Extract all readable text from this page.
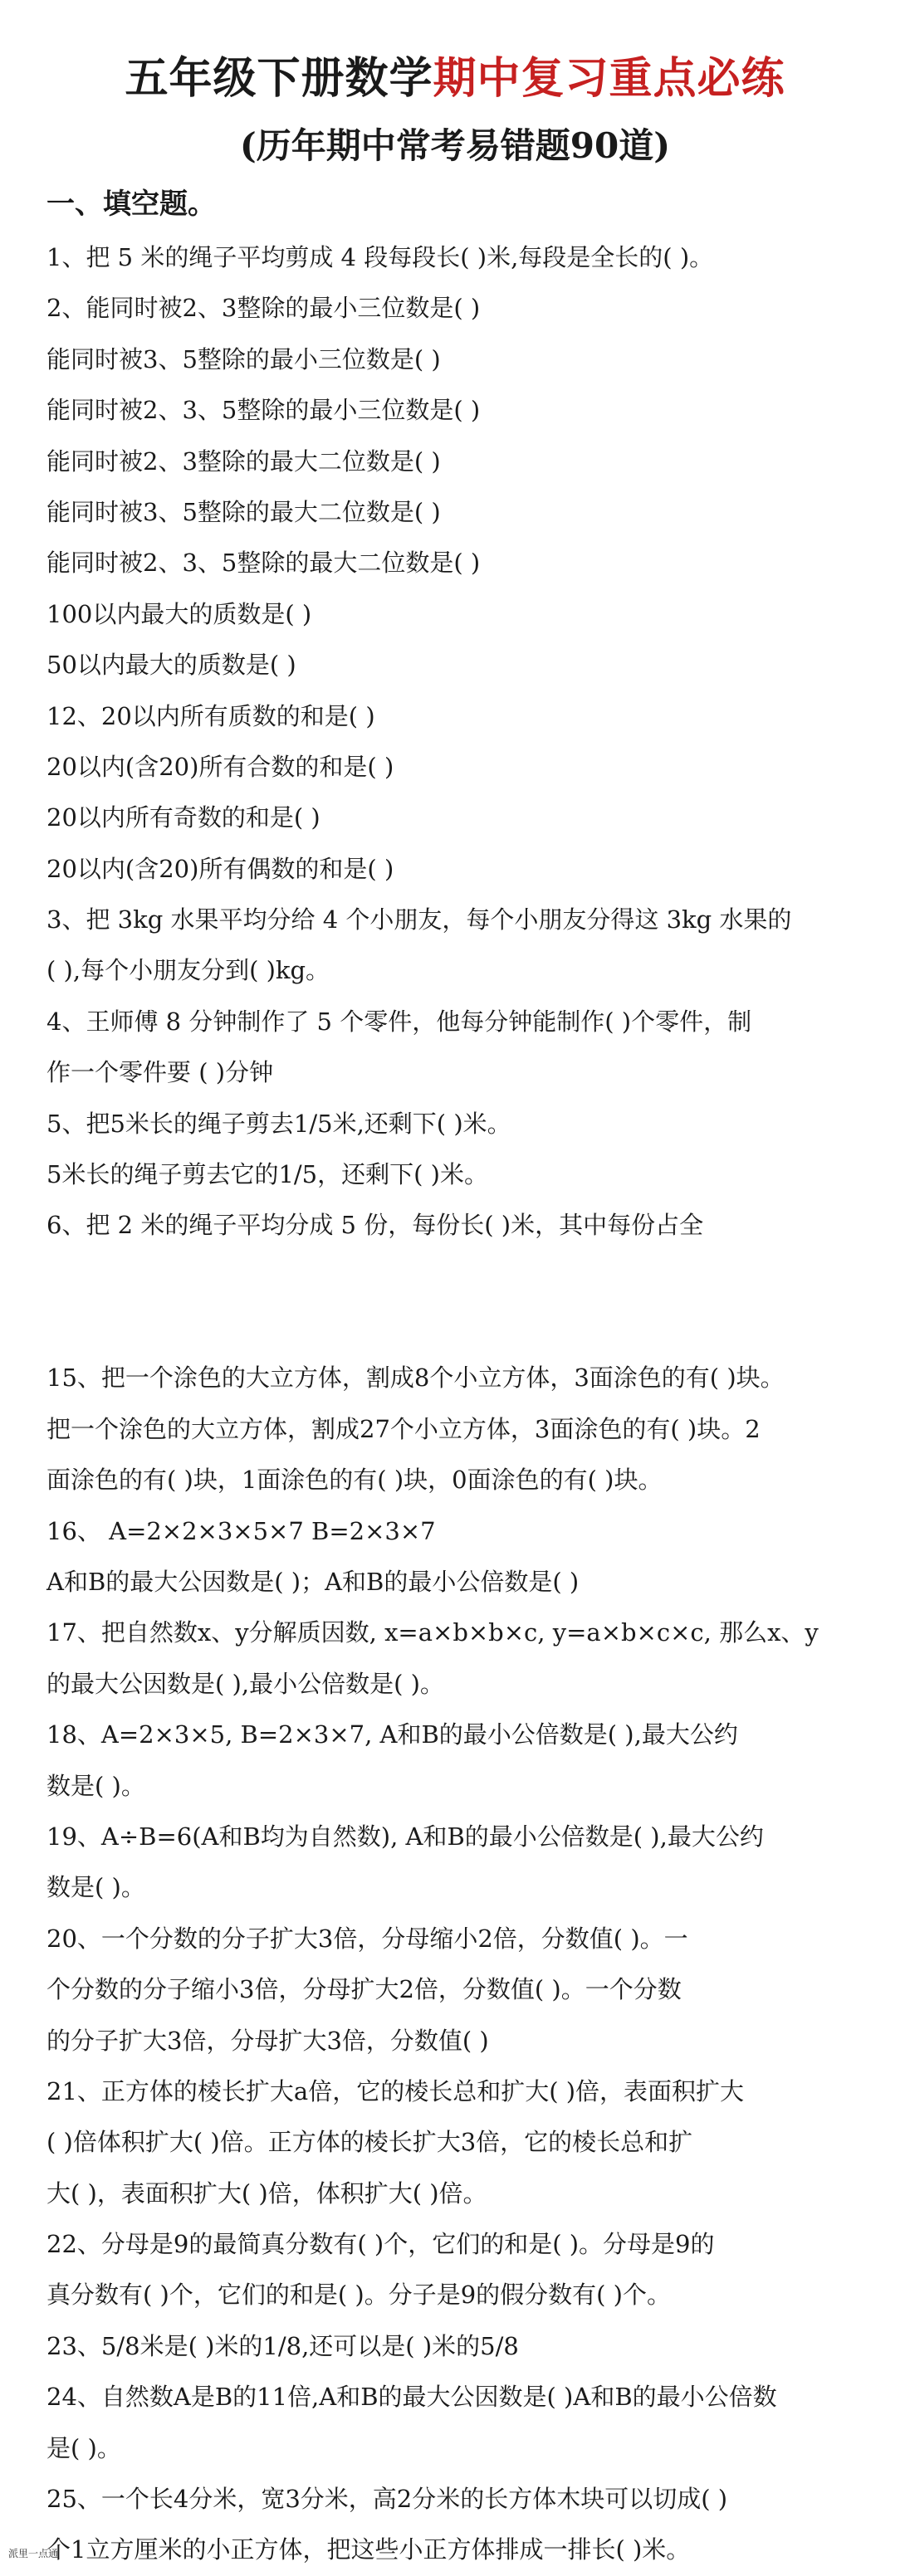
五年级下册数学期中复习重点必练
(历年期中常考易错题90道)
一、填空题。
1、把 5 米的绳子平均剪成 4 段每段长( )米,每段是全长的( )。
2、能同时被2、3整除的最小三位数是( )
能同时被3、5整除的最小三位数是( )
能同时被2、3、5整除的最小三位数是( )
能同时被2、3整除的最大二位数是( )
能同时被3、5整除的最大二位数是( )
能同时被2、3、5整除的最大二位数是( )
100以内最大的质数是( )
50以内最大的质数是( )
12、20以内所有质数的和是( )
20以内(含20)所有合数的和是( )
20以内所有奇数的和是( )
20以内(含20)所有偶数的和是( )
3、把 3kg 水果平均分给 4 个小朋友，每个小朋友分得这 3kg 水果的
( ),每个小朋友分到( )kg。
4、王师傅 8 分钟制作了 5 个零件，他每分钟能制作( )个零件，制
作一个零件要 ( )分钟
5、把5米长的绳子剪去1/5米,还剩下( )米。
5米长的绳子剪去它的1/5，还剩下( )米。
6、把 2 米的绳子平均分成 5 份，每份长( )米，其中每份占全
15、把一个涂色的大立方体，割成8个小立方体，3面涂色的有( )块。
把一个涂色的大立方体，割成27个小立方体，3面涂色的有( )块。2
面涂色的有( )块，1面涂色的有( )块，0面涂色的有( )块。
16、 A=2×2×3×5×7 B=2×3×7
A和B的最大公因数是( )；A和B的最小公倍数是( )
17、把自然数x、y分解质因数, x=a×b×b×c, y=a×b×c×c, 那么x、y
的最大公因数是( ),最小公倍数是( )。
18、A=2×3×5, B=2×3×7, A和B的最小公倍数是( ),最大公约
数是( )。
19、A÷B=6(A和B均为自然数), A和B的最小公倍数是( ),最大公约
数是( )。
20、一个分数的分子扩大3倍，分母缩小2倍，分数值( )。一
个分数的分子缩小3倍，分母扩大2倍，分数值( )。一个分数
的分子扩大3倍，分母扩大3倍，分数值( )
21、正方体的棱长扩大a倍，它的棱长总和扩大( )倍，表面积扩大
( )倍体积扩大( )倍。正方体的棱长扩大3倍，它的棱长总和扩
大( )，表面积扩大( )倍，体积扩大( )倍。
22、分母是9的最简真分数有( )个，它们的和是( )。分母是9的
真分数有( )个，它们的和是( )。分子是9的假分数有( )个。
23、5/8米是( )米的1/8,还可以是( )米的5/8
24、自然数A是B的11倍,A和B的最大公因数是( )A和B的最小公倍数
是( )。
25、一个长4分米，宽3分米，高2分米的长方体木块可以切成( )
个1立方厘米的小正方体，把这些小正方体排成一排长( )米。
派里一点通
